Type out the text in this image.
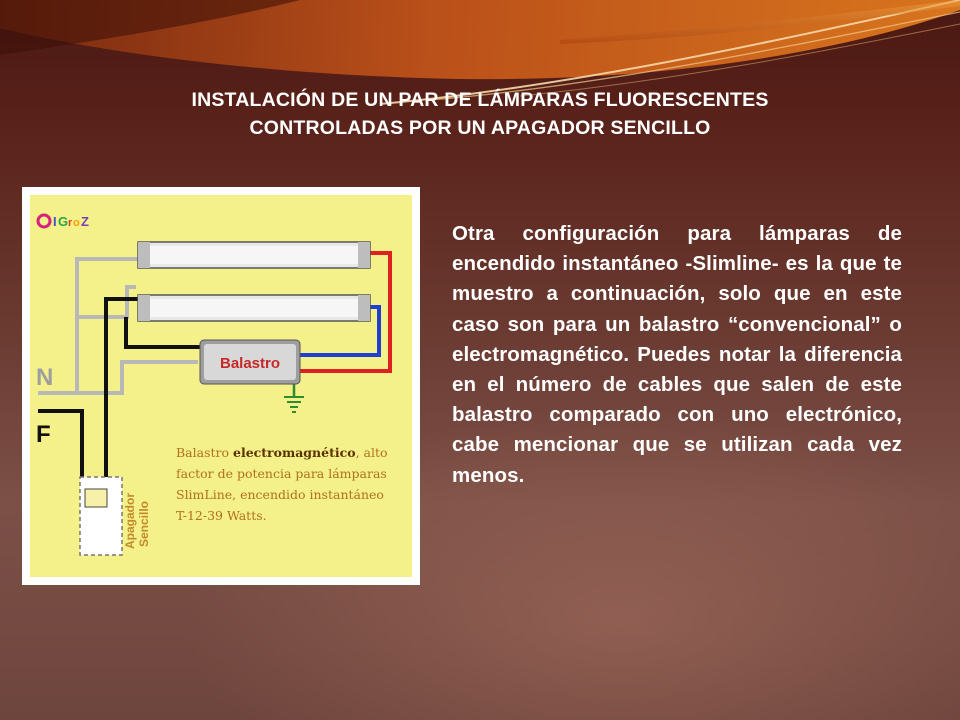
INSTALACIÓN DE UN PAR DE LÁMPARAS FLUORESCENTES
CONTROLADAS POR UN APAGADOR SENCILLO
I G r o Z
Balastro
N
F
Apagador Sencillo
Balastro electromagnético, alto
factor de potencia para lámparas
SlimLine, encendido instantáneo
T-12-39 Watts.
Otra configuración para lámparas de encendido instantáneo -Slimline- es la que te muestro a continuación, solo que en este caso son para un balastro “convencional” o electromagnético. Puedes notar la diferencia en el número de cables que salen de este balastro comparado con uno electrónico, cabe mencionar que se utilizan cada vez menos.
